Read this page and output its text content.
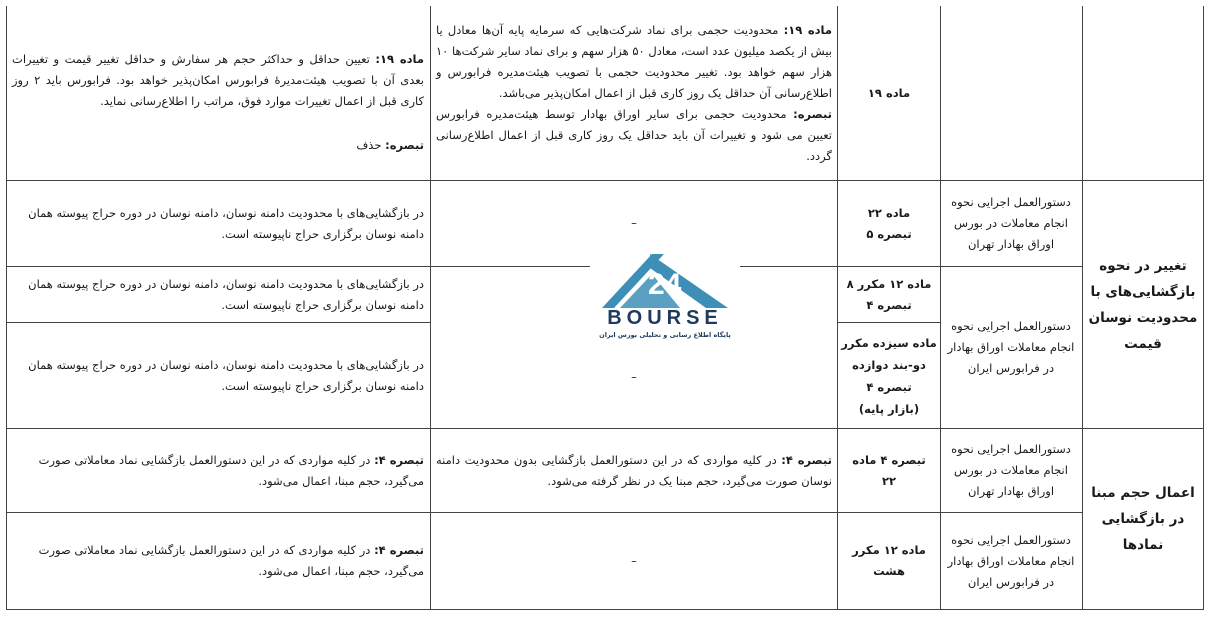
ماده ۱۹: تعیین حداقل و حداکثر حجم هر سفارش و حداقل تغییر قیمت و تغییرات بعدی آن با تصویب هیئت‌مدیرهٔ فرابورس امکان‌پذیر خواهد بود. فرابورس باید ۲ روز کاری قبل از اعمال تغییرات موارد فوق، مراتب را اطلاع‌رسانی نماید.
تبصره: حذف
ماده ۱۹: محدودیت حجمی برای نماد شرکت‌هایی که سرمایه پایه آن‌ها معادل یا بیش از یکصد میلیون عدد است، معادل ۵۰ هزار سهم و برای نماد سایر شرکت‌ها ۱۰ هزار سهم خواهد بود. تغییر محدودیت حجمی با تصویب هیئت‌مدیره فرابورس و اطلاع‌رسانی آن حداقل یک روز کاری قبل از اعمال امکان‌پذیر می‌باشد.
تبصره: محدودیت حجمی برای سایر اوراق بهادار توسط هیئت‌مدیره فرابورس تعیین می شود و تغییرات آن باید حداقل یک روز کاری قبل از اعمال اطلاع‌رسانی گردد.
ماده ۱۹
در بازگشایی‌های با محدودیت دامنه نوسان، دامنه نوسان در دوره حراج پیوسته همان دامنه نوسان برگزاری حراج ناپیوسته است.
–
ماده ۲۲
تبصره ۵
دستورالعمل اجرایی نحوه انجام معاملات در بورس اوراق بهادار تهران
در بازگشایی‌های با محدودیت دامنه نوسان، دامنه نوسان در دوره حراج پیوسته همان دامنه نوسان برگزاری حراج ناپیوسته است.
ماده ۱۲ مکرر ۸
تبصره ۴
در بازگشایی‌های با محدودیت دامنه نوسان، دامنه نوسان در دوره حراج پیوسته همان دامنه نوسان برگزاری حراج ناپیوسته است.
–
ماده سیزده مکرر
دو-بند دوازده
تبصره ۴
(بازار پایه)
دستورالعمل اجرایی نحوه انجام معاملات اوراق بهادار در فرابورس ایران
تغییر در نحوه بازگشایی‌های با محدودیت نوسان قیمت
تبصره ۴: در کلیه مواردی که در این دستورالعمل بازگشایی نماد معاملاتی صورت می‌گیرد، حجم مبنا، اعمال می‌شود.
تبصره ۴: در کلیه مواردی که در این دستورالعمل بازگشایی بدون محدودیت دامنه نوسان صورت می‌گیرد، حجم مبنا یک در نظر گرفته می‌شود.
تبصره ۴ ماده
۲۲
دستورالعمل اجرایی نحوه انجام معاملات در بورس اوراق بهادار تهران
تبصره ۴: در کلیه مواردی که در این دستورالعمل بازگشایی نماد معاملاتی صورت می‌گیرد، حجم مبنا، اعمال می‌شود.
–
ماده ۱۲ مکرر
هشت
دستورالعمل اجرایی نحوه انجام معاملات اوراق بهادار در فرابورس ایران
اعمال حجم مبنا در بازگشایی نمادها
24
BOURSE
پایگاه اطلاع رسانی و تحلیلی بورس ایران
